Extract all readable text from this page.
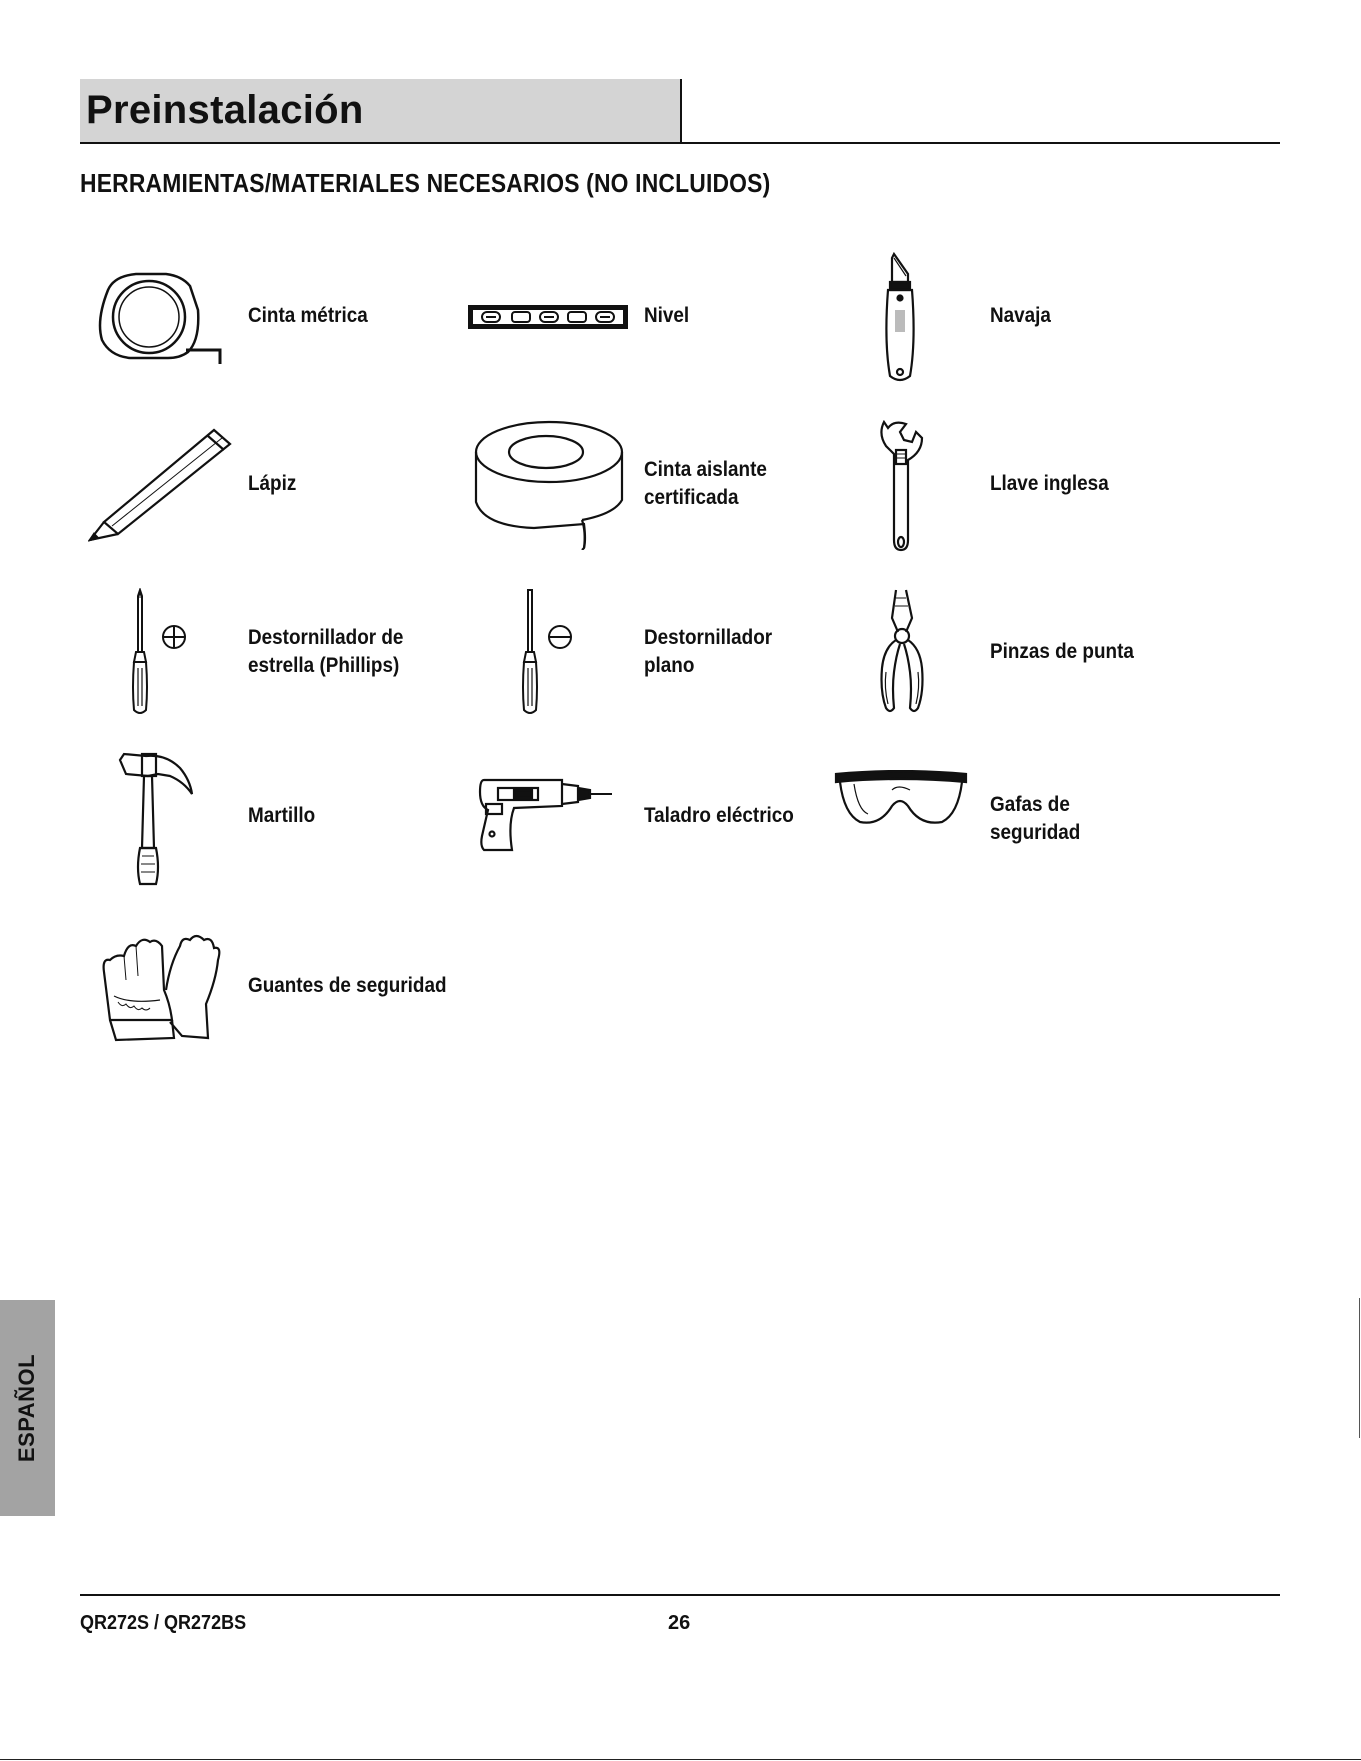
Preinstalación
HERRAMIENTAS/MATERIALES NECESARIOS (NO INCLUIDOS)
Cinta métrica	Nivel	Navaja
Lápiz
Cinta aislante
certificada
Llave inglesa
Destornillador de
estrella (Phillips)
Destornillador
plano
Pinzas de punta
Martillo	Taladro eléctrico	Gafas de
seguridad
Guantes de seguridad
ESPAÑOL
QR272S / QR272BS	26
